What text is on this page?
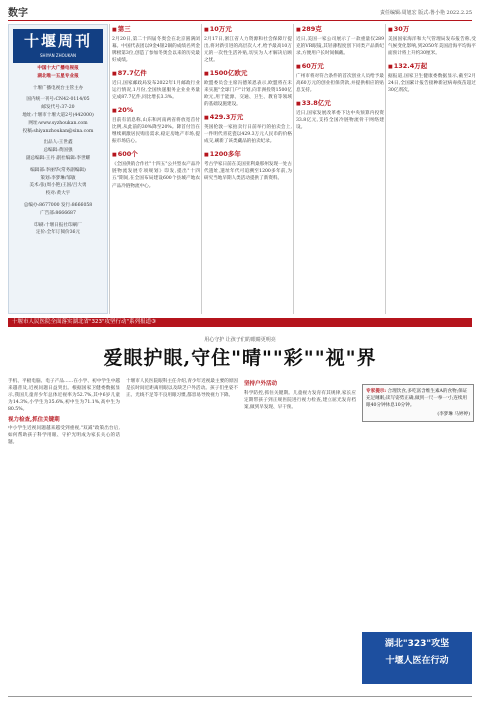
数字	责任编辑:周旭宏 版式:鲁小艳 2022.2.25
十堰周刊
SHIYAN ZHOUKAN

中国十大广播电视报

湖北唯一五星专业报

十堰广播电视台主管主办

国内统一刊号:CN42-0114/05

邮发代号:37-20

地址:十堰市十堰大道2号(442000)

网址:www.syzhoukan.com

投稿:shiyanzhoukan@sina.com

出品人:王世鑫

总编辑:黄国强

副总编辑:王丹 副社编辑:李世耀

编辑部:李丽华(常务副编辑)

策划:李梦琳/邹敏

美术:张(周小艳)王国/吕大勇

校对:黄大宇

总编办:8677000 发行:8666058

广告部:8666687

印刷:十堰日报社印刷厂

定价:全年订阅价36元

■ 第三
2月20日,第二十四届冬奥会在北京圆满闭幕。中国代表团以9金4银2铜的成绩名列金牌榜第3位,创造了参加冬奥会以来的历史最好成绩。
■ 87.7亿件
近日,国家邮政局发布2022年1月邮政行业运行情况,1月份,全国快递服务企业业务量完成87.7亿件,同比增长3.3%。
■ 20%
目前有消息称,山东和河南两省将放宽首付比例,从此前的30%降至20%。降首付旨在继续刺激居民购房需求,稳定房地产市场,提振市场信心。
■ 600个
《全国供销合作社"十四五"公共型农产品冷链物流发展专项规划》印发,提出"十四五"期间,在全国布局建设600个县城产地农产品冷链物流中心。
■ 10万元
2月17日,浙江省人力资源和社会保障厅提出,将对新引进的高层次人才,给予最高10万元的一次性生活补贴,切实为人才解决后顾之忧。
■ 1500亿欧元
欧盟委员会主席冯德莱恩表示,欧盟将在未来实施"全球门户"计划,向非洲投资1500亿欧元,用于能源、交通、卫生、教育等领域的基础设施建设。
■ 429.3万元
英国伦敦一家拍卖行日前举行的拍卖会上,一件明代青花瓷以429.3万元人民币的价格成交,刷新了该类藏品的拍卖纪录。
■ 1200多年
考古学家日前在美国亚利桑那州发现一处古代遗址,遗址年代可追溯至1200多年前,为研究当地早期人类活动提供了新资料。
■ 289克
近日,美国一家公司展示了一款重量仅289克的VR眼镜,其轻薄程度创下同类产品新纪录,方便用户长时间佩戴。
■ 60万元
广州市将对符合条件的首次创业人员给予最高60万元的创业担保贷款,并提供相应的贴息支持。
■ 33.8亿元
近日,国家发展改革委下达中央预算内投资33.8亿元,支持全国冷链物流骨干网络建设。
■ 30万
美国国家海洋和大气管理局发布报告称,受气候变化影响,到2050年美国沿海平均海平面预计将上升约30厘米。
■ 132.4万起
据报道,国家卫生健康委数据显示,截至2月24日,全国累计报告接种新冠病毒疫苗超过30亿剂次。
十堰市人民医院全面落实湖北省"323"攻坚行动"系列报道③
用心守护 让孩子们的眼睛更明亮
爱眼护眼,守住"晴""彩""视"界
手机、平板电脑、电子产品……在小学、初中学生中越来越普及,近视问题日益突出。根据国家卫健委数据显示,我国儿童青少年总体近视率为52.7%,其中6岁儿童为14.3%,小学生为35.6%,初中生为71.1%,高中生为80.5%。
视力检查,抓住关键期
中小学生近视问题越来越受到重视,"双减"政策出台后,如何帮助孩子科学用眼、守护光明成为家长关心的话题。
十堰市人民医院眼科主任介绍,青少年近视最主要的原因是长时间近距离用眼以及缺乏户外活动。孩子们坐姿不正、光线不足等不良用眼习惯,都容易导致视力下降。
坚持户外活动
科学防控,抓住关键期。儿童视力发育有其规律,家长应定期带孩子到正规医院进行视力检查,建立屈光发育档案,做到早发现、早干预。
专家提示: 合理饮食,多吃富含维生素A的食物;保证充足睡眠;读写姿势正确,做到一尺一拳一寸;连续用眼40分钟休息10分钟。
(李梦琳 马婷婷)
湖北"323"攻坚
十堰人医在行动
